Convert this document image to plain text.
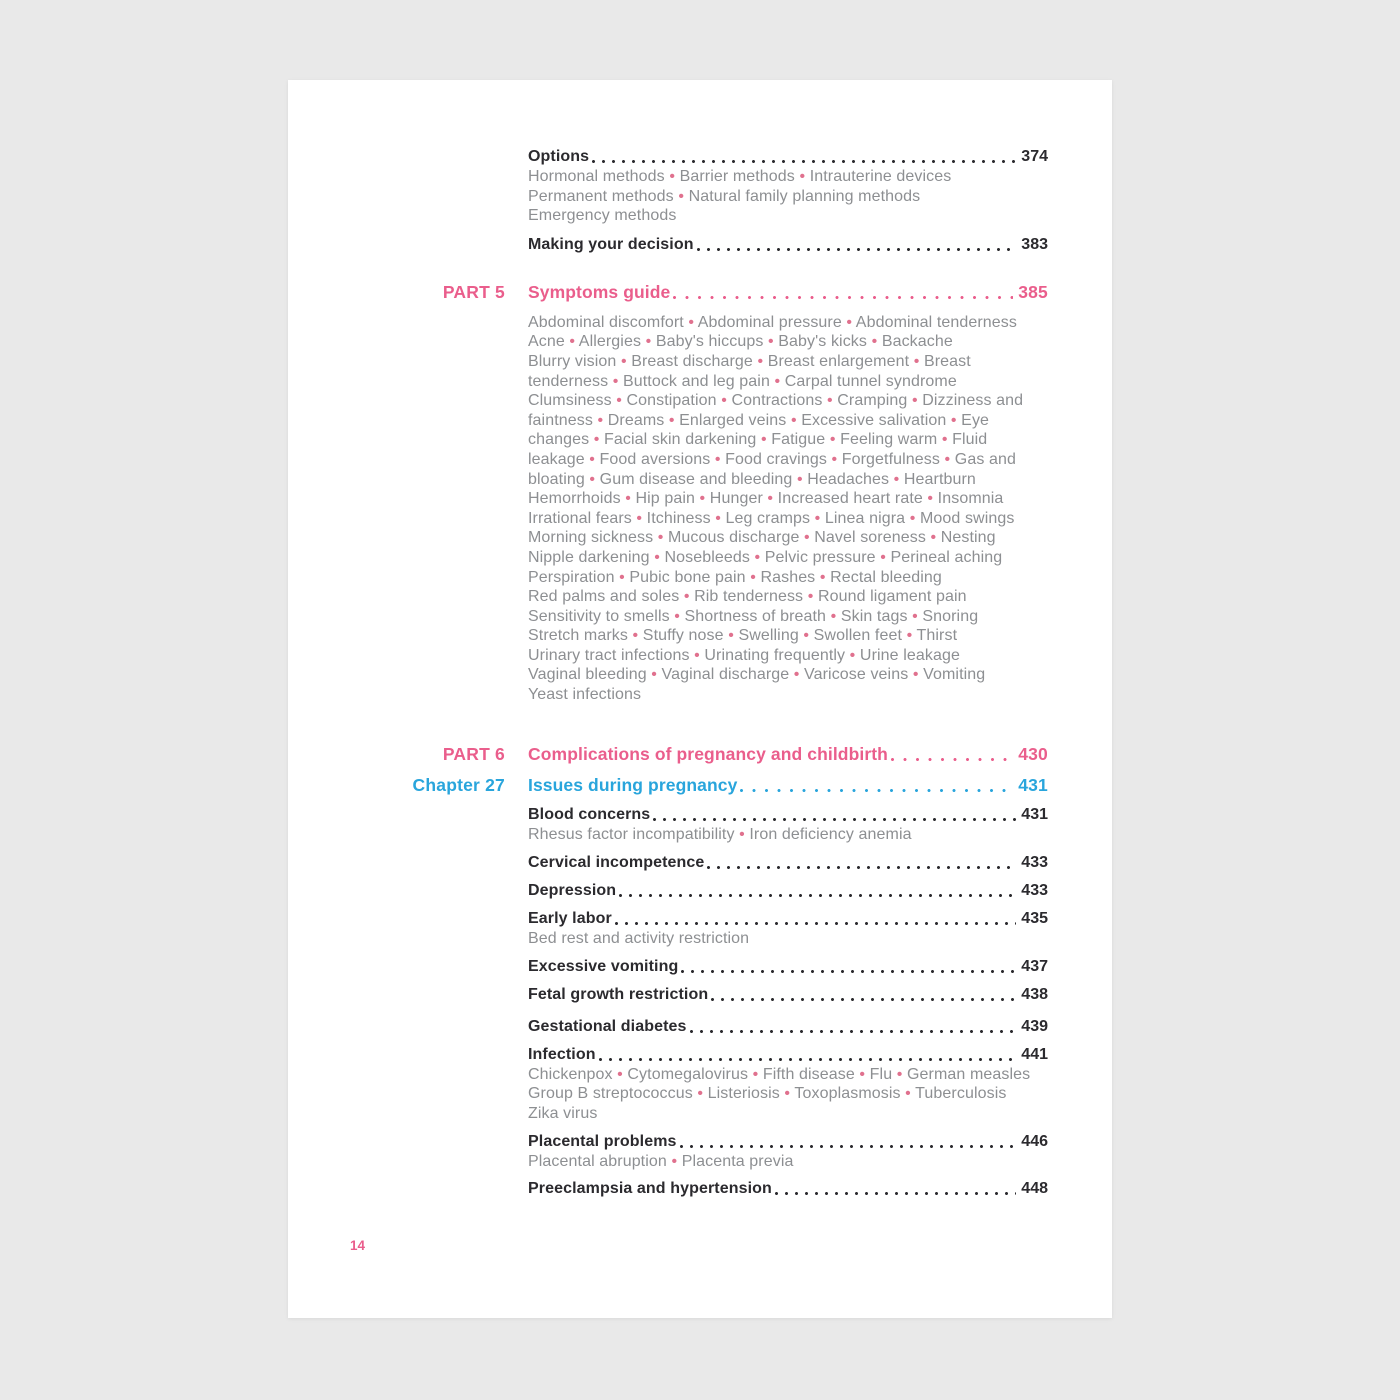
Options	374
Hormonal methods • Barrier methods • Intrauterine devices
Permanent methods • Natural family planning methods
Emergency methods
Making your decision	383
PART 5 Symptoms guide	385
Abdominal discomfort • Abdominal pressure • Abdominal tenderness
Acne • Allergies • Baby's hiccups • Baby's kicks • Backache
Blurry vision • Breast discharge • Breast enlargement • Breast
tenderness • Buttock and leg pain • Carpal tunnel syndrome
Clumsiness • Constipation • Contractions • Cramping • Dizziness and
faintness • Dreams • Enlarged veins • Excessive salivation • Eye
changes • Facial skin darkening • Fatigue • Feeling warm • Fluid
leakage • Food aversions • Food cravings • Forgetfulness • Gas and
bloating • Gum disease and bleeding • Headaches • Heartburn
Hemorrhoids • Hip pain • Hunger • Increased heart rate • Insomnia
Irrational fears • Itchiness • Leg cramps • Linea nigra • Mood swings
Morning sickness • Mucous discharge • Navel soreness • Nesting
Nipple darkening • Nosebleeds • Pelvic pressure • Perineal aching
Perspiration • Pubic bone pain • Rashes • Rectal bleeding
Red palms and soles • Rib tenderness • Round ligament pain
Sensitivity to smells • Shortness of breath • Skin tags • Snoring
Stretch marks • Stuffy nose • Swelling • Swollen feet • Thirst
Urinary tract infections • Urinating frequently • Urine leakage
Vaginal bleeding • Vaginal discharge • Varicose veins • Vomiting
Yeast infections
PART 6 Complications of pregnancy and childbirth	430
Chapter 27 Issues during pregnancy	431
Blood concerns	431
Rhesus factor incompatibility • Iron deficiency anemia
Cervical incompetence	433
Depression	433
Early labor	435
Bed rest and activity restriction
Excessive vomiting	437
Fetal growth restriction	438
Gestational diabetes	439
Infection	441
Chickenpox • Cytomegalovirus • Fifth disease • Flu • German measles
Group B streptococcus • Listeriosis • Toxoplasmosis • Tuberculosis
Zika virus
Placental problems	446
Placental abruption • Placenta previa
Preeclampsia and hypertension	448
14
